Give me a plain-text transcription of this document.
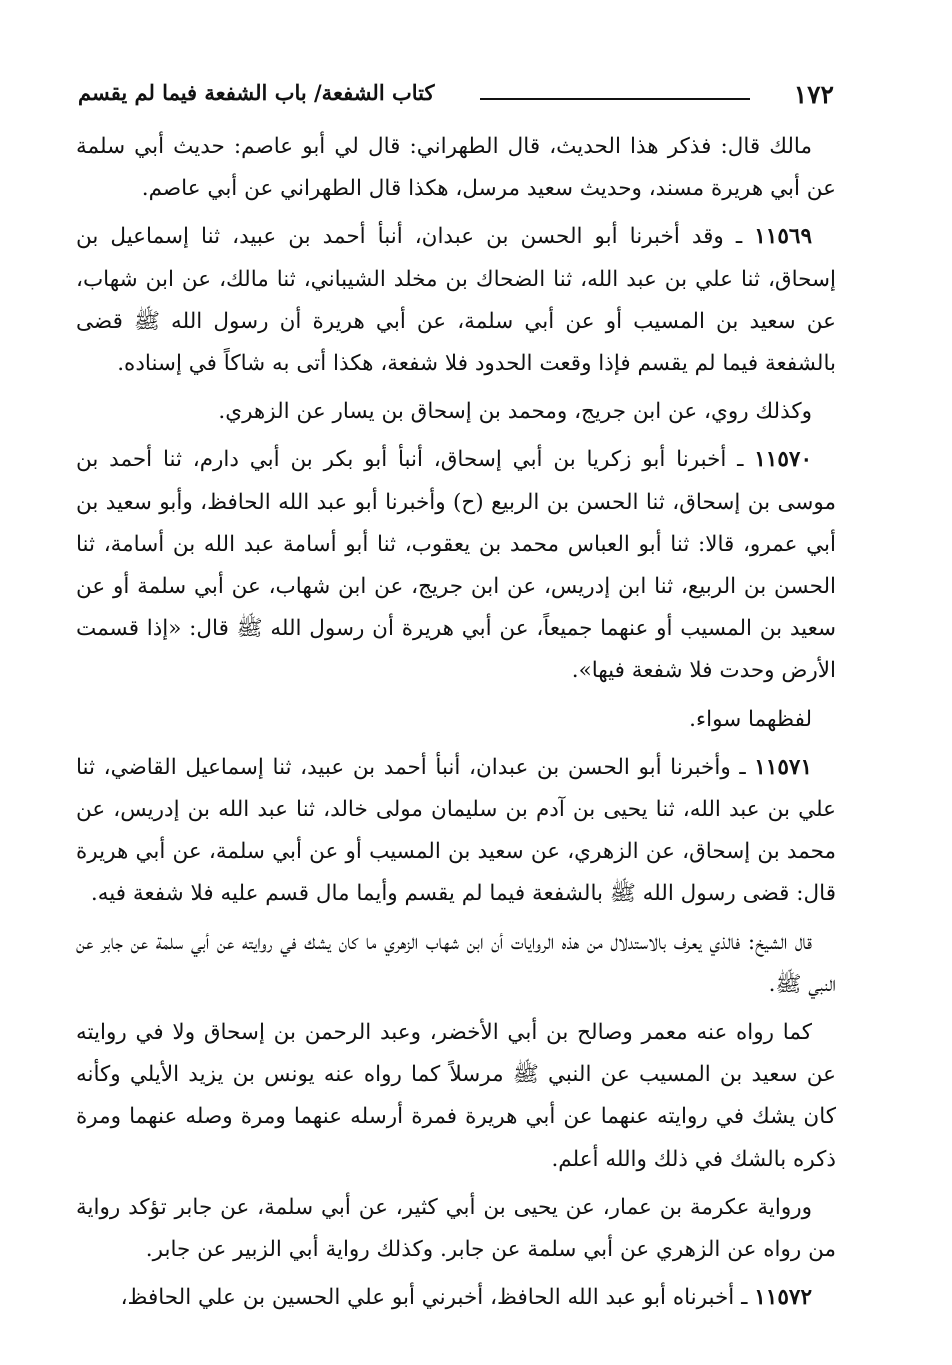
١٧٢
كتاب الشفعة/ باب الشفعة فيما لم يقسم

مالك قال: فذكر هذا الحديث، قال الطهراني: قال لي أبو عاصم: حديث أبي سلمة عن أبي هريرة مسند، وحديث سعيد مرسل، هكذا قال الطهراني عن أبي عاصم.

١١٥٦٩ ـ وقد أخبرنا أبو الحسن بن عبدان، أنبأ أحمد بن عبيد، ثنا إسماعيل بن إسحاق، ثنا علي بن عبد الله، ثنا الضحاك بن مخلد الشيباني، ثنا مالك، عن ابن شهاب، عن سعيد بن المسيب أو عن أبي سلمة، عن أبي هريرة أن رسول الله ﷺ قضى بالشفعة فيما لم يقسم فإذا وقعت الحدود فلا شفعة، هكذا أتى به شاكاً في إسناده.

وكذلك روي، عن ابن جريج، ومحمد بن إسحاق بن يسار عن الزهري.

١١٥٧٠ ـ أخبرنا أبو زكريا بن أبي إسحاق، أنبأ أبو بكر بن أبي دارم، ثنا أحمد بن موسى بن إسحاق، ثنا الحسن بن الربيع (ح) وأخبرنا أبو عبد الله الحافظ، وأبو سعيد بن أبي عمرو، قالا: ثنا أبو العباس محمد بن يعقوب، ثنا أبو أسامة عبد الله بن أسامة، ثنا الحسن بن الربيع، ثنا ابن إدريس، عن ابن جريج، عن ابن شهاب، عن أبي سلمة أو عن سعيد بن المسيب أو عنهما جميعاً، عن أبي هريرة أن رسول الله ﷺ قال: «إذا قسمت الأرض وحدت فلا شفعة فيها».

لفظهما سواء.

١١٥٧١ ـ وأخبرنا أبو الحسن بن عبدان، أنبأ أحمد بن عبيد، ثنا إسماعيل القاضي، ثنا علي بن عبد الله، ثنا يحيى بن آدم بن سليمان مولى خالد، ثنا عبد الله بن إدريس، عن محمد بن إسحاق، عن الزهري، عن سعيد بن المسيب أو عن أبي سلمة، عن أبي هريرة قال: قضى رسول الله ﷺ بالشفعة فيما لم يقسم وأيما مال قسم عليه فلا شفعة فيه.

قال الشيخ: فالذي يعرف بالاستدلال من هذه الروايات أن ابن شهاب الزهري ما كان يشك في روايته عن أبي سلمة عن جابر عن النبي ﷺ.

كما رواه عنه معمر وصالح بن أبي الأخضر، وعبد الرحمن بن إسحاق ولا في روايته عن سعيد بن المسيب عن النبي ﷺ مرسلاً كما رواه عنه يونس بن يزيد الأيلي وكأنه كان يشك في روايته عنهما عن أبي هريرة فمرة أرسله عنهما ومرة وصله عنهما ومرة ذكره بالشك في ذلك والله أعلم.

ورواية عكرمة بن عمار، عن يحيى بن أبي كثير، عن أبي سلمة، عن جابر تؤكد رواية من رواه عن الزهري عن أبي سلمة عن جابر. وكذلك رواية أبي الزبير عن جابر.

١١٥٧٢ ـ أخبرناه أبو عبد الله الحافظ، أخبرني أبو علي الحسين بن علي الحافظ،
